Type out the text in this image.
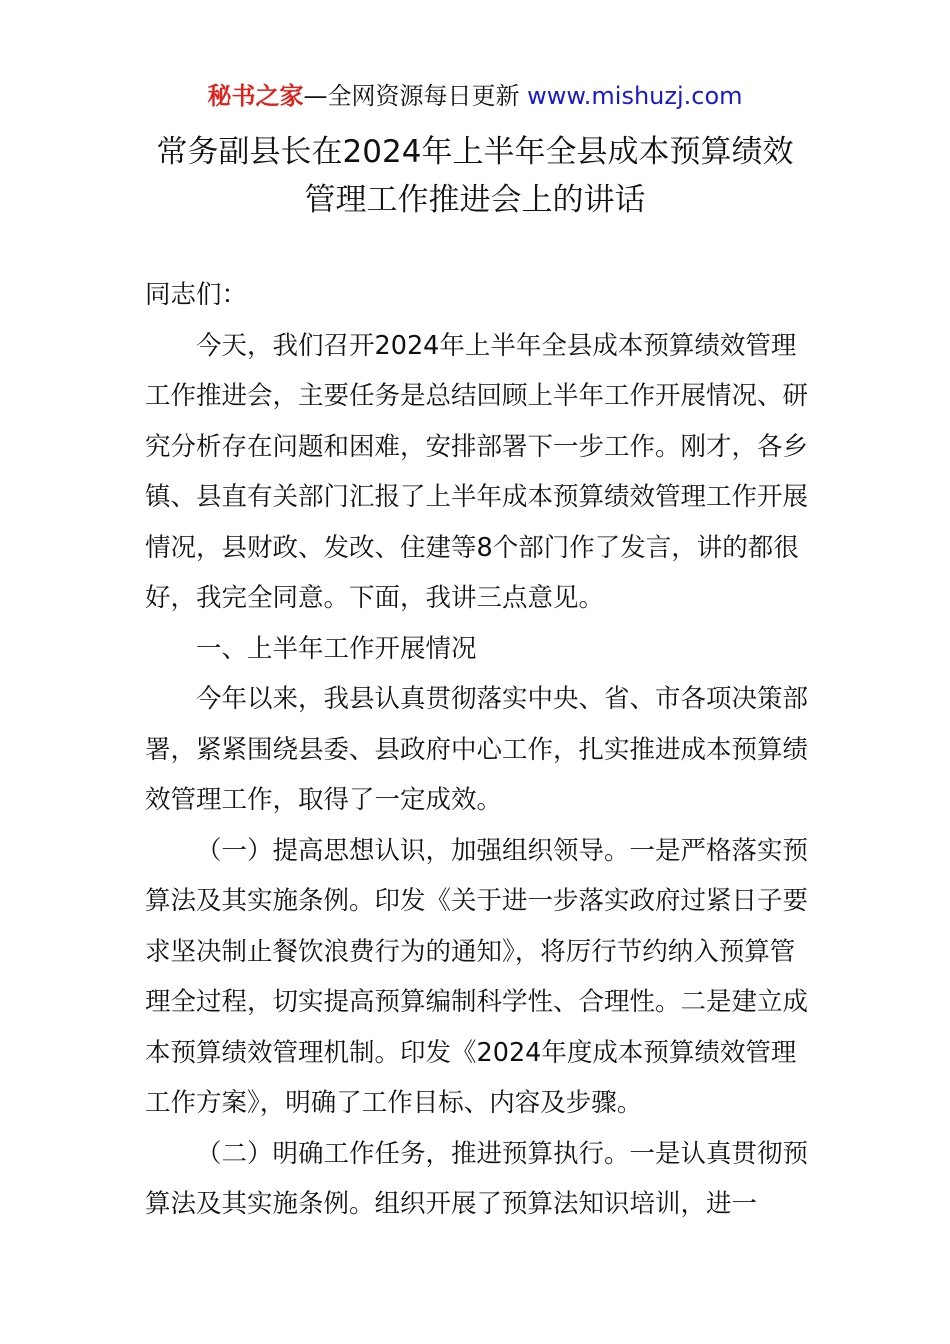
秘书之家—全网资源每日更新 www.mishuzj.com
常务副县长在2024年上半年全县成本预算绩效
管理工作推进会上的讲话

同志们：

今天，我们召开2024年上半年全县成本预算绩效管理工作推进会，主要任务是总结回顾上半年工作开展情况、研究分析存在问题和困难，安排部署下一步工作。刚才，各乡镇、县直有关部门汇报了上半年成本预算绩效管理工作开展情况，县财政、发改、住建等8个部门作了发言，讲的都很好，我完全同意。下面，我讲三点意见。

一、上半年工作开展情况

今年以来，我县认真贯彻落实中央、省、市各项决策部署，紧紧围绕县委、县政府中心工作，扎实推进成本预算绩效管理工作，取得了一定成效。

（一）提高思想认识，加强组织领导。一是严格落实预算法及其实施条例。印发《关于进一步落实政府过紧日子要求坚决制止餐饮浪费行为的通知》，将厉行节约纳入预算管理全过程，切实提高预算编制科学性、合理性。二是建立成本预算绩效管理机制。印发《2024年度成本预算绩效管理工作方案》，明确了工作目标、内容及步骤。

（二）明确工作任务，推进预算执行。一是认真贯彻预算法及其实施条例。组织开展了预算法知识培训，进一
